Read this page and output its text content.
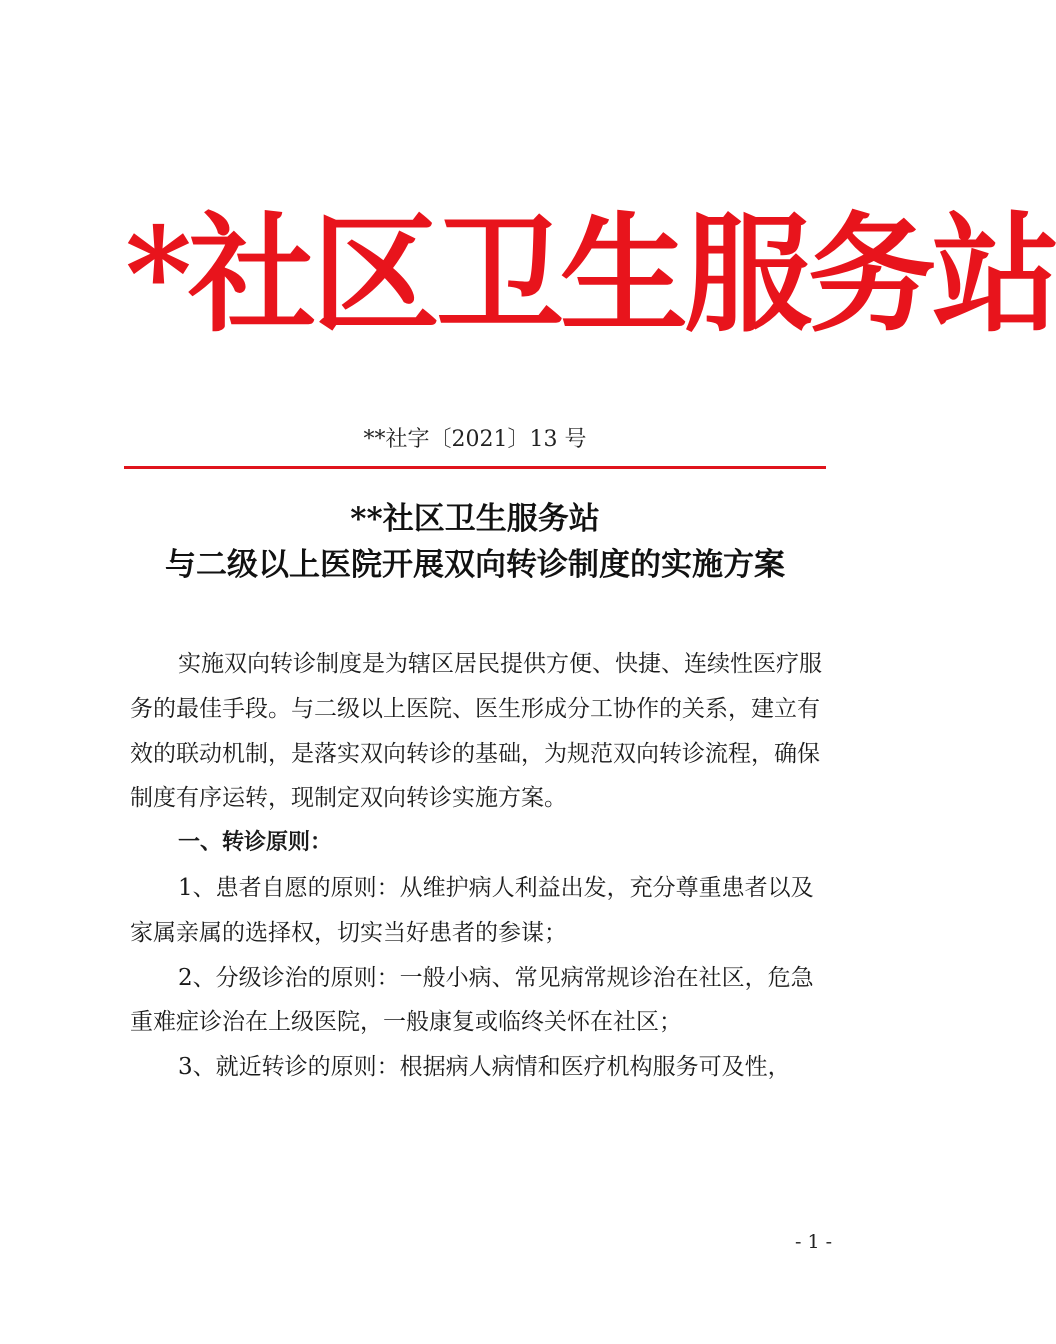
*社区卫生服务站
**社字〔2021〕13 号
**社区卫生服务站
与二级以上医院开展双向转诊制度的实施方案

实施双向转诊制度是为辖区居民提供方便、快捷、连续性医疗服务的最佳手段。与二级以上医院、医生形成分工协作的关系，建立有效的联动机制，是落实双向转诊的基础，为规范双向转诊流程，确保制度有序运转，现制定双向转诊实施方案。

一、转诊原则：

1、患者自愿的原则：从维护病人利益出发，充分尊重患者以及家属亲属的选择权，切实当好患者的参谋；

2、分级诊治的原则：一般小病、常见病常规诊治在社区，危急重难症诊治在上级医院，一般康复或临终关怀在社区；

3、就近转诊的原则：根据病人病情和医疗机构服务可及性，

- 1 -
